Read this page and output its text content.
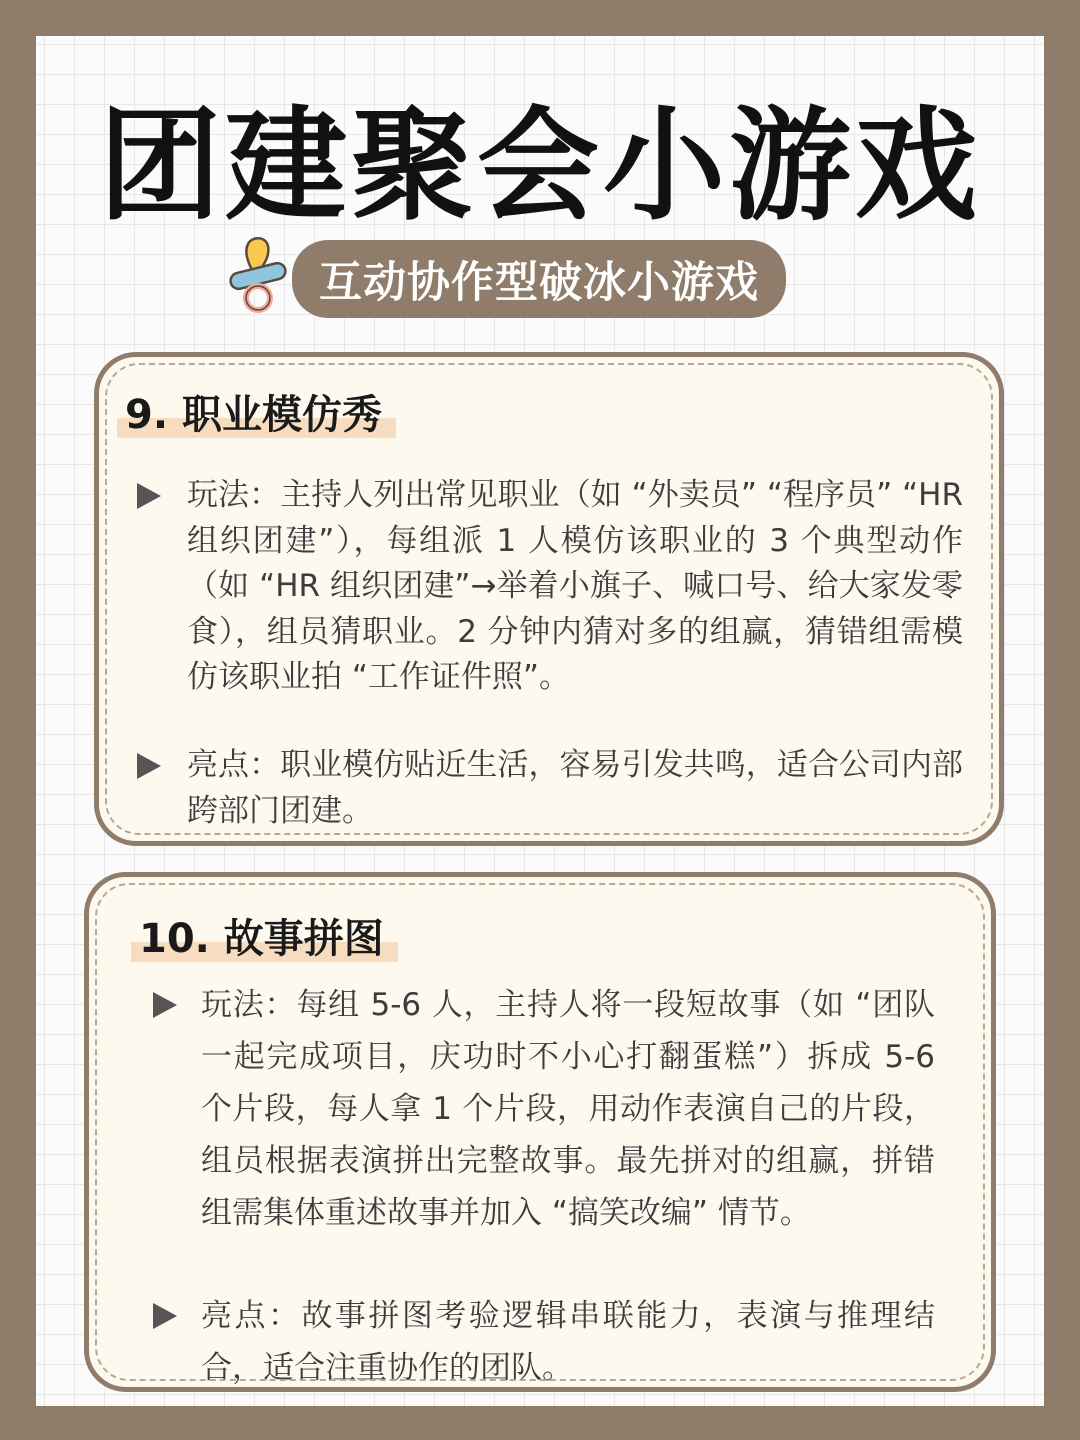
团建聚会小游戏
互动协作型破冰小游戏
9. 职业模仿秀

玩法：主持人列出常见职业（如 “外卖员” “程序员” “HR 组织团建”），每组派 1 人模仿该职业的 3 个典型动作（如 “HR 组织团建”→举着小旗子、喊口号、给大家发零食），组员猜职业。2 分钟内猜对多的组赢，猜错组需模仿该职业拍 “工作证件照”。

亮点：职业模仿贴近生活，容易引发共鸣，适合公司内部跨部门团建。

10. 故事拼图

玩法：每组 5-6 人，主持人将一段短故事（如 “团队一起完成项目，庆功时不小心打翻蛋糕”）拆成 5-6 个片段，每人拿 1 个片段，用动作表演自己的片段，组员根据表演拼出完整故事。最先拼对的组赢，拼错组需集体重述故事并加入 “搞笑改编” 情节。

亮点：故事拼图考验逻辑串联能力，表演与推理结合，适合注重协作的团队。
